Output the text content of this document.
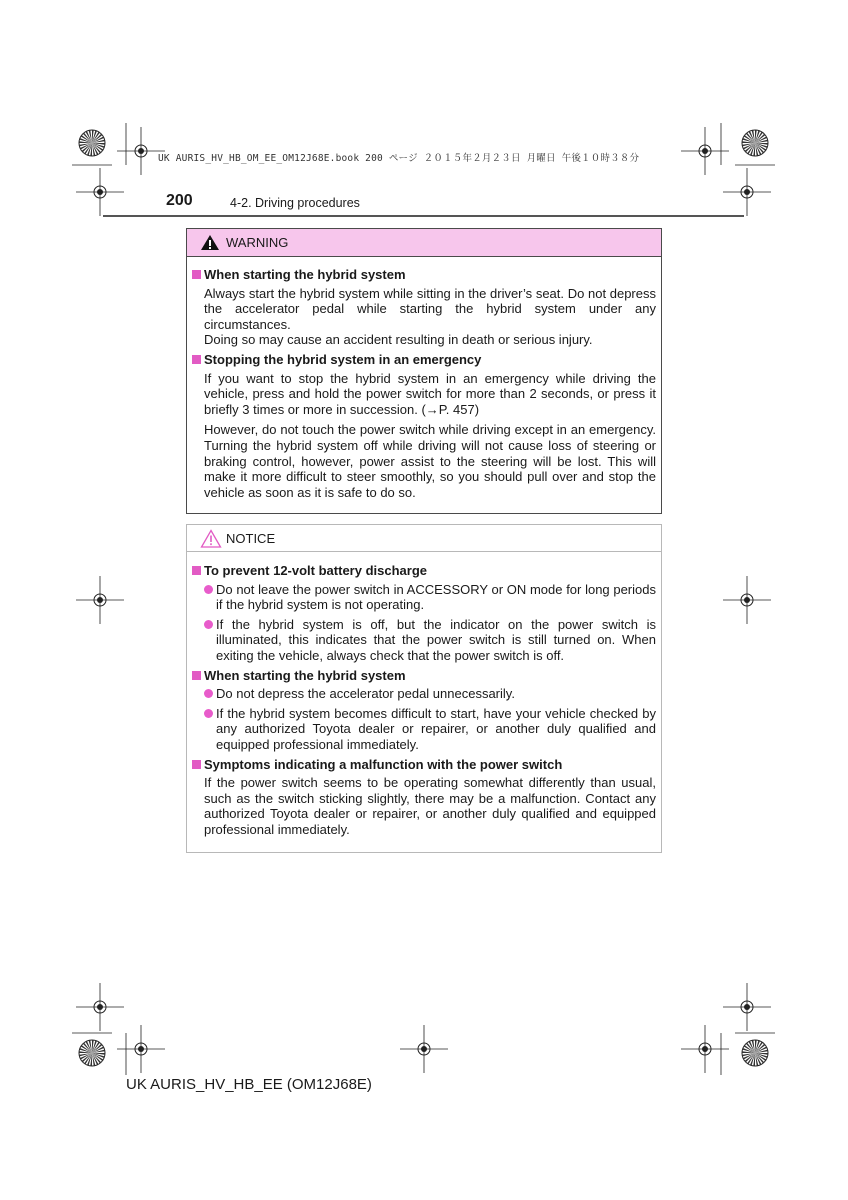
UK AURIS_HV_HB_OM_EE_OM12J68E.book 200 ページ ２０１５年２月２３日 月曜日 午後１０時３８分
200	4-2. Driving procedures
WARNING
When starting the hybrid system
Always start the hybrid system while sitting in the driver’s seat. Do not depress the accelerator pedal while starting the hybrid system under any circumstances.
Doing so may cause an accident resulting in death or serious injury.
Stopping the hybrid system in an emergency

If you want to stop the hybrid system in an emergency while driving the vehicle, press and hold the power switch for more than 2 seconds, or press it briefly 3 times or more in succession. (→P. 457)

However, do not touch the power switch while driving except in an emergency. Turning the hybrid system off while driving will not cause loss of steering or braking control, however, power assist to the steering will be lost. This will make it more difficult to steer smoothly, so you should pull over and stop the vehicle as soon as it is safe to do so.

NOTICE
To prevent 12-volt battery discharge
Do not leave the power switch in ACCESSORY or ON mode for long periods if the hybrid system is not operating.
If the hybrid system is off, but the indicator on the power switch is illuminated, this indicates that the power switch is still turned on. When exiting the vehicle, always check that the power switch is off.
When starting the hybrid system
Do not depress the accelerator pedal unnecessarily.
If the hybrid system becomes difficult to start, have your vehicle checked by any authorized Toyota dealer or repairer, or another duly qualified and equipped professional immediately.
Symptoms indicating a malfunction with the power switch
If the power switch seems to be operating somewhat differently than usual, such as the switch sticking slightly, there may be a malfunction. Contact any authorized Toyota dealer or repairer, or another duly qualified and equipped professional immediately.
UK AURIS_HV_HB_EE (OM12J68E)
